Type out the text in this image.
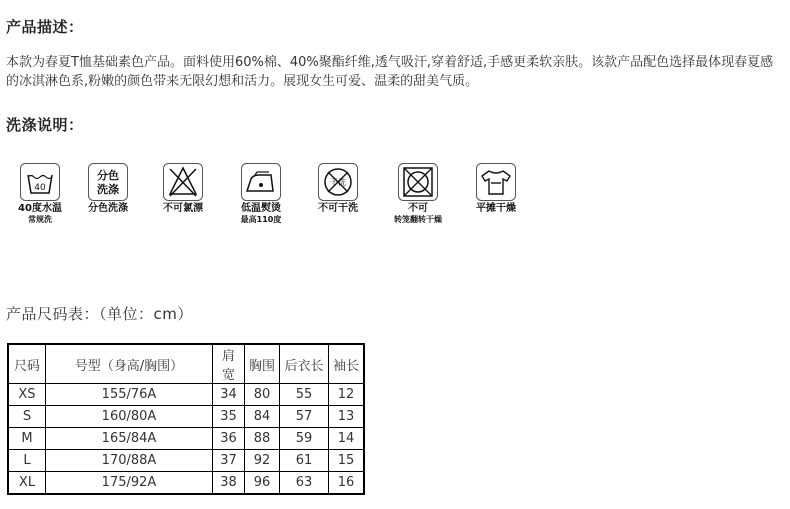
产品描述：
本款为春夏T恤基础素色产品。面料使用60%棉、40%聚酯纤维,透气吸汗,穿着舒适,手感更柔软亲肤。该款产品配色选择最体现春夏感的冰淇淋色系,粉嫩的颜色带来无限幻想和活力。展现女生可爱、温柔的甜美气质。
洗涤说明：
40
40度水温
常规洗
分色
洗涤
分色洗涤	不可氯漂	低温熨烫
最高110度
干洗
不可干洗	不可
转笼翻转干燥
平摊干燥
产品尺码表：（单位：cm）
尺码	号型（身高/胸围）	肩宽	胸围	后衣长	袖长
XS	155/76A	34	80	55	12
S	160/80A	35	84	57	13
M	165/84A	36	88	59	14
L	170/88A	37	92	61	15
XL	175/92A	38	96	63	16
